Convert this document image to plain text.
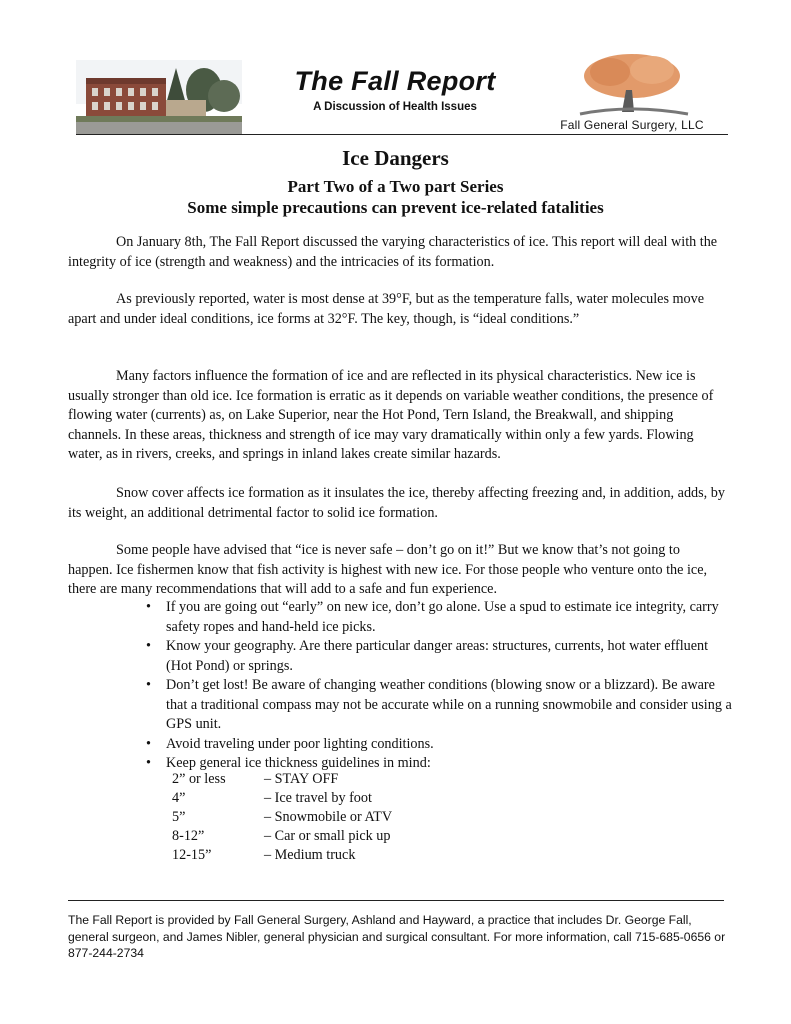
The Fall Report
A Discussion of Health Issues
Fall General Surgery, LLC
Ice Dangers
Part Two of a Two part Series
Some simple precautions can prevent ice-related fatalities

On January 8th, The Fall Report discussed the varying characteristics of ice. This report will deal with the integrity of ice (strength and weakness) and the intricacies of its formation.

As previously reported, water is most dense at 39°F, but as the temperature falls, water molecules move apart and under ideal conditions, ice forms at 32°F. The key, though, is “ideal conditions.”

Many factors influence the formation of ice and are reflected in its physical characteristics. New ice is usually stronger than old ice. Ice formation is erratic as it depends on variable weather conditions, the presence of flowing water (currents) as, on Lake Superior, near the Hot Pond, Tern Island, the Breakwall, and shipping channels. In these areas, thickness and strength of ice may vary dramatically within only a few yards. Flowing water, as in rivers, creeks, and springs in inland lakes create similar hazards.

Snow cover affects ice formation as it insulates the ice, thereby affecting freezing and, in addition, adds, by its weight, an additional detrimental factor to solid ice formation.

Some people have advised that “ice is never safe – don’t go on it!” But we know that’s not going to happen. Ice fishermen know that fish activity is highest with new ice. For those people who venture onto the ice, there are many recommendations that will add to a safe and fun experience.

• If you are going out “early” on new ice, don’t go alone. Use a spud to estimate ice integrity, carry safety ropes and hand-held ice picks.
• Know your geography. Are there particular danger areas: structures, currents, hot water effluent (Hot Pond) or springs.
• Don’t get lost! Be aware of changing weather conditions (blowing snow or a blizzard). Be aware that a traditional compass may not be accurate while on a running snowmobile and consider using a GPS unit.
• Avoid traveling under poor lighting conditions.
• Keep general ice thickness guidelines in mind:
2” or less	– STAY OFF
4”	– Ice travel by foot
5”	– Snowmobile or ATV
8-12”	– Car or small pick up
12-15”	– Medium truck
The Fall Report is provided by Fall General Surgery, Ashland and Hayward, a practice that includes Dr. George Fall, general surgeon, and James Nibler, general physician and surgical consultant. For more information, call 715-685-0656 or 877-244-2734
